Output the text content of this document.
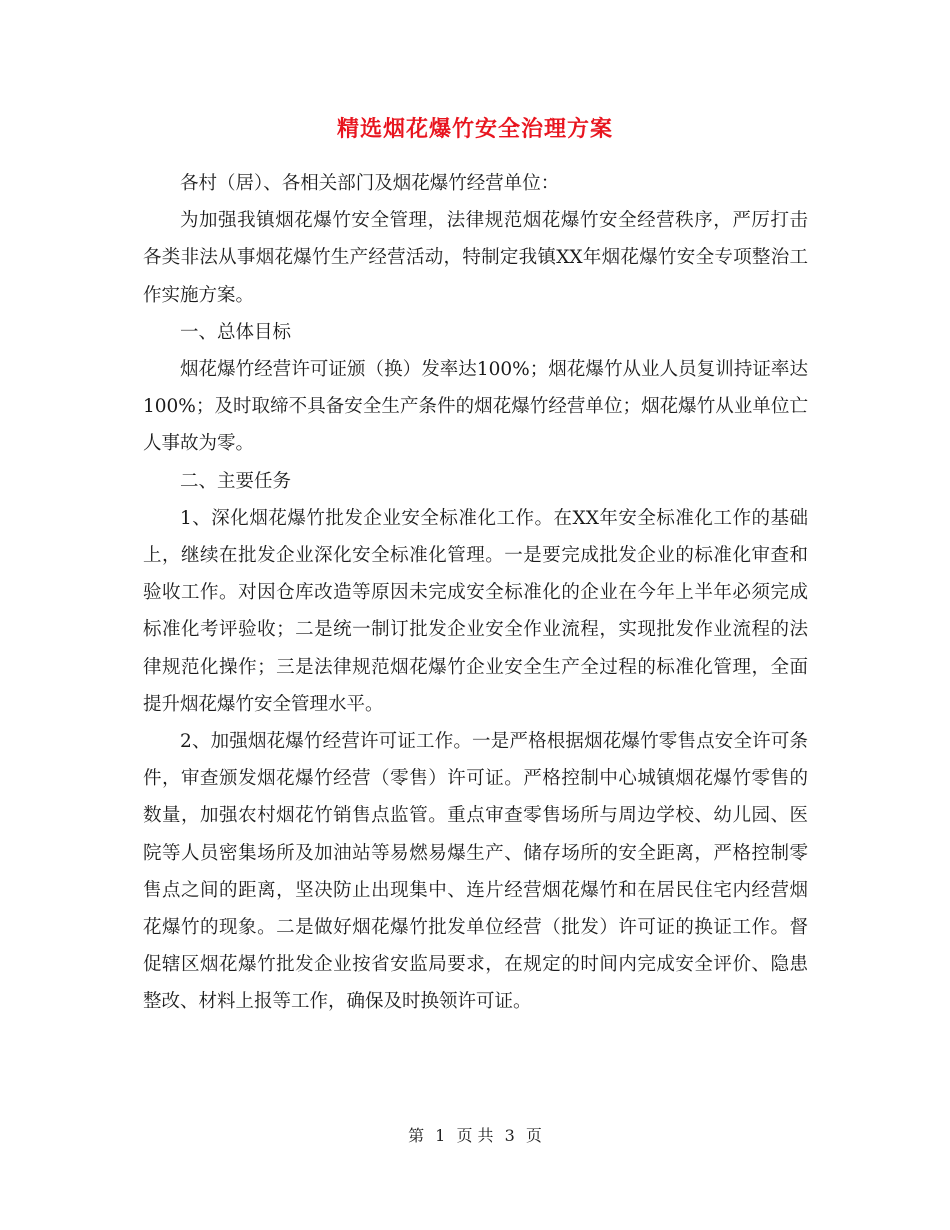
精选烟花爆竹安全治理方案

各村（居）、各相关部门及烟花爆竹经营单位：

为加强我镇烟花爆竹安全管理，法律规范烟花爆竹安全经营秩序，严厉打击各类非法从事烟花爆竹生产经营活动，特制定我镇XX年烟花爆竹安全专项整治工作实施方案。

一、总体目标

烟花爆竹经营许可证颁（换）发率达100%；烟花爆竹从业人员复训持证率达100%；及时取缔不具备安全生产条件的烟花爆竹经营单位；烟花爆竹从业单位亡人事故为零。

二、主要任务

1、深化烟花爆竹批发企业安全标准化工作。在XX年安全标准化工作的基础上，继续在批发企业深化安全标准化管理。一是要完成批发企业的标准化审查和验收工作。对因仓库改造等原因未完成安全标准化的企业在今年上半年必须完成标准化考评验收；二是统一制订批发企业安全作业流程，实现批发作业流程的法律规范化操作；三是法律规范烟花爆竹企业安全生产全过程的标准化管理，全面提升烟花爆竹安全管理水平。

2、加强烟花爆竹经营许可证工作。一是严格根据烟花爆竹零售点安全许可条件，审查颁发烟花爆竹经营（零售）许可证。严格控制中心城镇烟花爆竹零售的数量，加强农村烟花竹销售点监管。重点审查零售场所与周边学校、幼儿园、医院等人员密集场所及加油站等易燃易爆生产、储存场所的安全距离，严格控制零售点之间的距离，坚决防止出现集中、连片经营烟花爆竹和在居民住宅内经营烟花爆竹的现象。二是做好烟花爆竹批发单位经营（批发）许可证的换证工作。督促辖区烟花爆竹批发企业按省安监局要求，在规定的时间内完成安全评价、隐患整改、材料上报等工作，确保及时换领许可证。

第 1 页 共 3 页
